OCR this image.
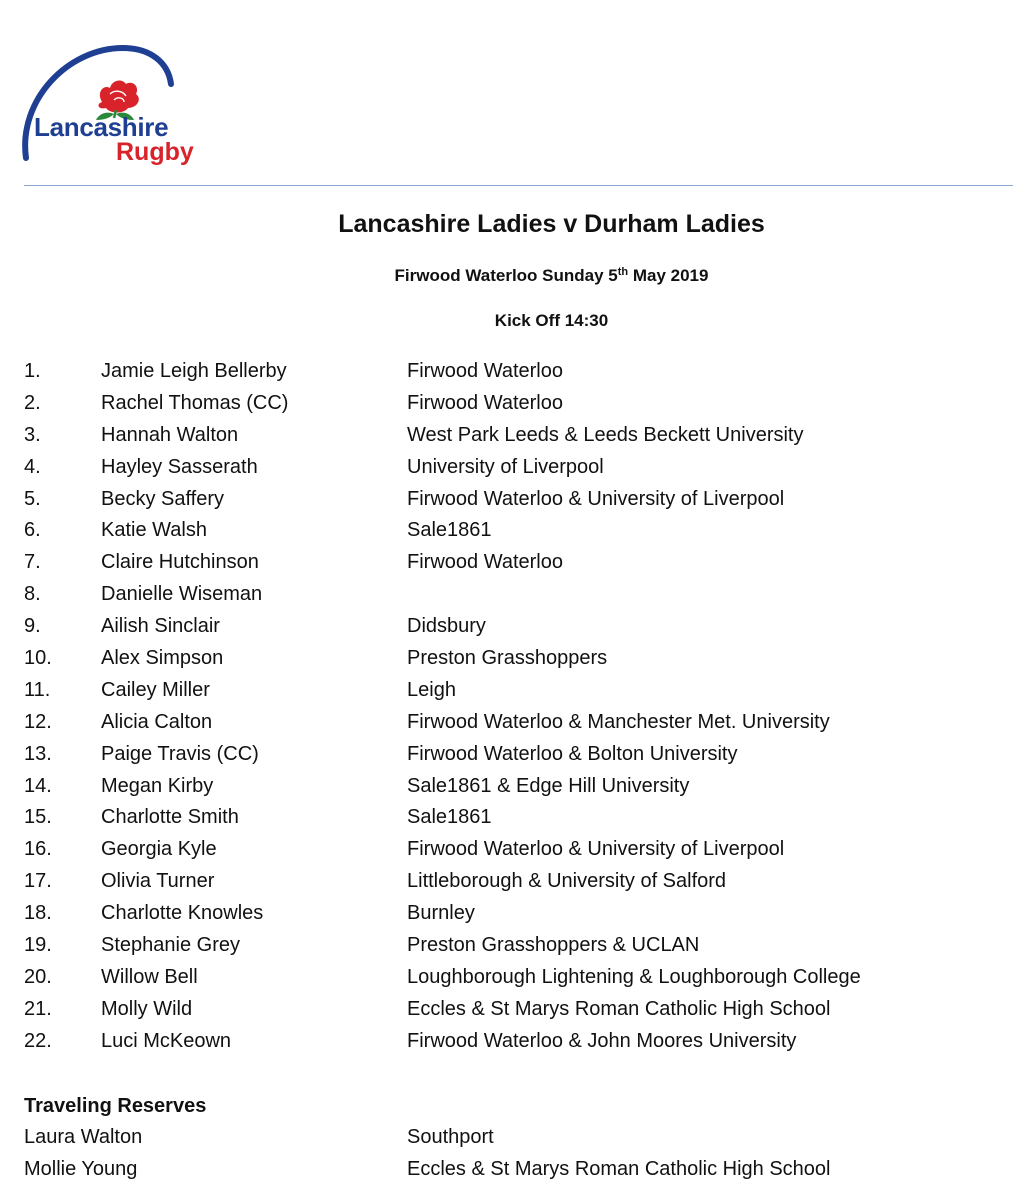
Lancashire
Rugby
Lancashire Ladies v Durham Ladies
Firwood Waterloo Sunday 5th May 2019
Kick Off 14:30
1.	Jamie Leigh Bellerby	Firwood Waterloo
2.	Rachel Thomas (CC)	Firwood Waterloo
3.	Hannah Walton	West Park Leeds & Leeds Beckett University
4.	Hayley Sasserath	University of Liverpool
5.	Becky Saffery	Firwood Waterloo & University of Liverpool
6.	Katie Walsh	Sale1861
7.	Claire Hutchinson	Firwood Waterloo
8.	Danielle Wiseman
9.	Ailish Sinclair	Didsbury
10. Alex Simpson	Preston Grasshoppers
11.	Cailey Miller	Leigh
12. Alicia Calton	Firwood Waterloo & Manchester Met. University
13. Paige Travis (CC)	Firwood Waterloo & Bolton University
14. Megan Kirby	Sale1861 & Edge Hill University
15. Charlotte Smith	Sale1861
16. Georgia Kyle	Firwood Waterloo & University of Liverpool
17. Olivia Turner	Littleborough & University of Salford
18. Charlotte Knowles	Burnley
19. Stephanie Grey	Preston Grasshoppers & UCLAN
20. Willow Bell	Loughborough Lightening & Loughborough College
21. Molly Wild	Eccles & St Marys Roman Catholic High School
22. Luci McKeown	Firwood Waterloo & John Moores University
Traveling Reserves
Laura Walton	Southport
Mollie Young	Eccles & St Marys Roman Catholic High School
